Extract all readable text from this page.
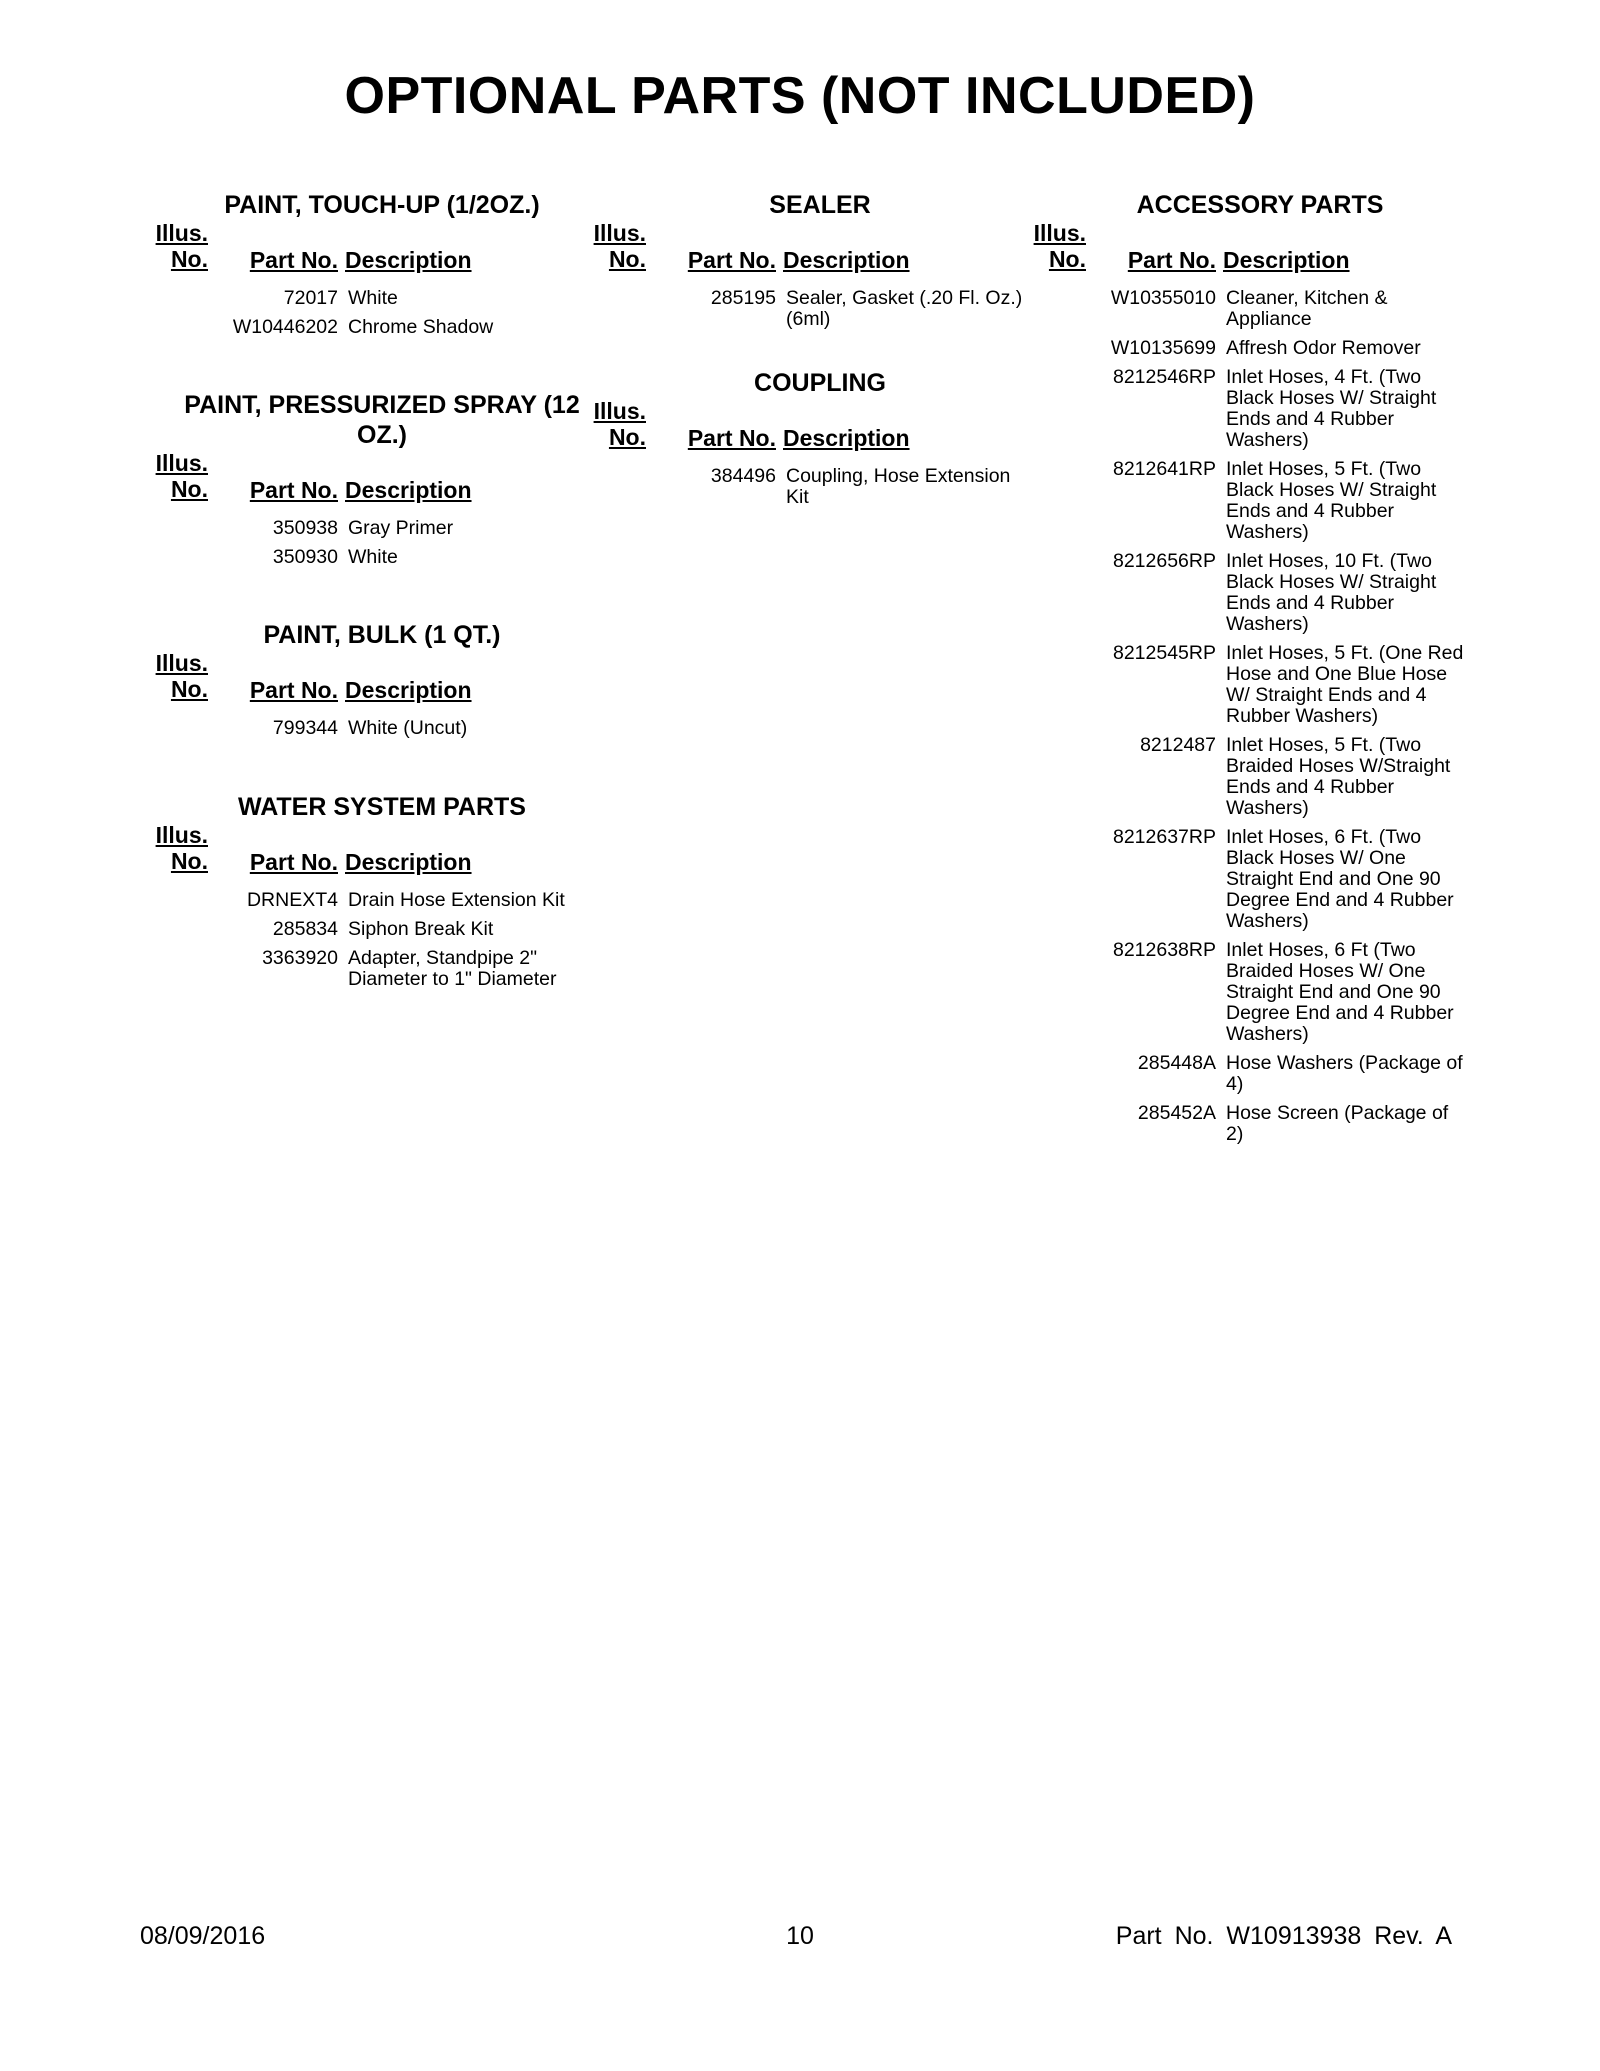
OPTIONAL PARTS (NOT INCLUDED)
PAINT, TOUCH-UP (1/2OZ.)
Illus.
No.	Part No. Description
72017 White
W10446202 Chrome Shadow
PAINT, PRESSURIZED SPRAY (12 OZ.)
Illus.
No.	Part No. Description
350938 Gray Primer
350930 White
PAINT, BULK (1 QT.)
Illus.
No.	Part No. Description
799344 White (Uncut)
WATER SYSTEM PARTS
Illus.
No.	Part No. Description
DRNEXT4 Drain Hose Extension Kit
285834 Siphon Break Kit
3363920 Adapter, Standpipe 2" Diameter to 1" Diameter
SEALER
Illus.
No.	Part No. Description
285195 Sealer, Gasket (.20 Fl. Oz.) (6ml)
COUPLING
Illus.
No.	Part No. Description
384496 Coupling, Hose Extension Kit
ACCESSORY PARTS
Illus.
No.	Part No. Description
W10355010 Cleaner, Kitchen & Appliance
W10135699 Affresh Odor Remover
8212546RP Inlet Hoses, 4 Ft. (Two Black Hoses W/ Straight Ends and 4 Rubber Washers)
8212641RP Inlet Hoses, 5 Ft. (Two Black Hoses W/ Straight Ends and 4 Rubber Washers)
8212656RP Inlet Hoses, 10 Ft. (Two Black Hoses W/ Straight Ends and 4 Rubber Washers)
8212545RP Inlet Hoses, 5 Ft. (One Red Hose and One Blue Hose W/ Straight Ends and 4 Rubber Washers)
8212487 Inlet Hoses, 5 Ft. (Two Braided Hoses W/Straight Ends and 4 Rubber Washers)
8212637RP Inlet Hoses, 6 Ft. (Two Black Hoses W/ One Straight End and One 90 Degree End and 4 Rubber Washers)
8212638RP Inlet Hoses, 6 Ft (Two Braided Hoses W/ One Straight End and One 90 Degree End and 4 Rubber Washers)
285448A Hose Washers (Package of 4)
285452A Hose Screen (Package of 2)
08/09/2016	10	Part No. W10913938 Rev. A
